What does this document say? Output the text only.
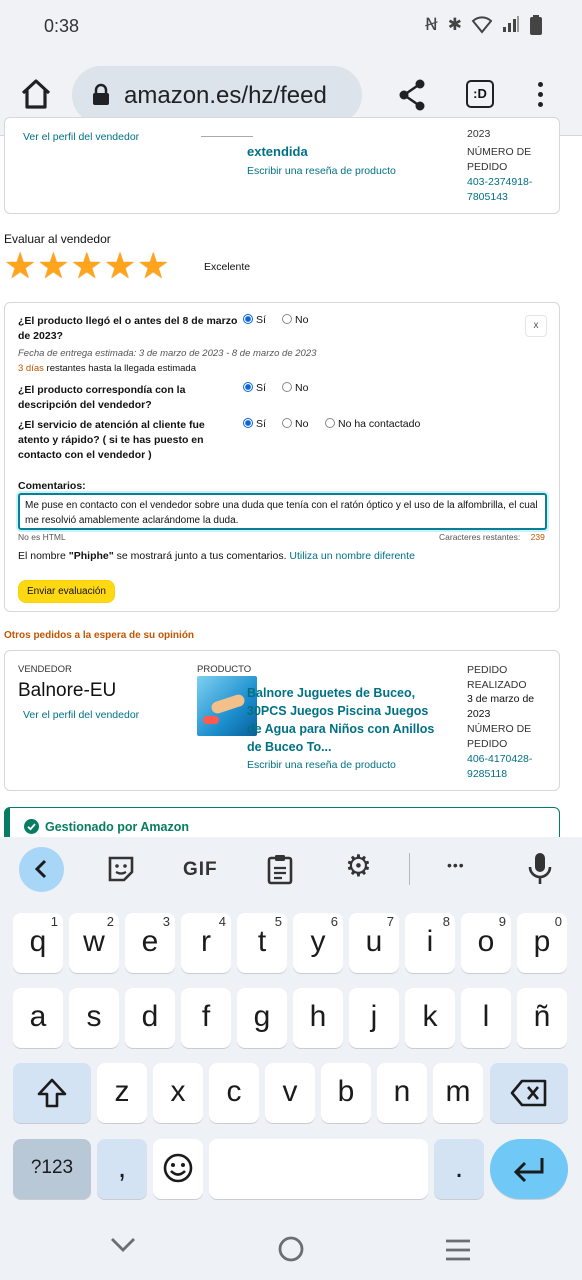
0:38	Ꞥ ✱
amazon.es/hz/feed	:D
Ver el perfil del vendedor
extendida
Escribir una reseña de producto
2023
NÚMERO DE PEDIDO
403-2374918-7805143
Evaluar al vendedor
★ ★ ★ ★ ★	Excelente
x
¿El producto llegó el o antes del 8 de marzo de 2023?
Sí	No
Fecha de entrega estimada: 3 de marzo de 2023 - 8 de marzo de 2023
3 días restantes hasta la llegada estimada
¿El producto correspondía con la descripción del vendedor?
Sí	No
¿El servicio de atención al cliente fue atento y rápido? ( si te has puesto en contacto con el vendedor )
Sí	No	No ha contactado
Comentarios:
Me puse en contacto con el vendedor sobre una duda que tenía con el ratón óptico y el uso de la alfombrilla, el cual me resolvió amablemente aclarándome la duda.
No es HTML	Caracteres restantes: 239
El nombre "Phiphe" se mostrará junto a tus comentarios. Utiliza un nombre diferente
Enviar evaluación
Otros pedidos a la espera de su opinión
VENDEDOR
Balnore-EU
Ver el perfil del vendedor
PRODUCTO
Balnore Juguetes de Buceo, 30PCS Juegos Piscina Juegos de Agua para Niños con Anillos de Buceo To...
Escribir una reseña de producto
PEDIDO REALIZADO
3 de marzo de 2023
NÚMERO DE PEDIDO
406-4170428-9285118
Gestionado por Amazon
GIF	⚙	•••
q
1
w
2
e
3
r
4
t
5
y
6
u
7
i
8
o
9
p
0
a	s	d	f	g	h	j	k	l	ñ
z	x	c	v	b	n	m
?123	,	.
